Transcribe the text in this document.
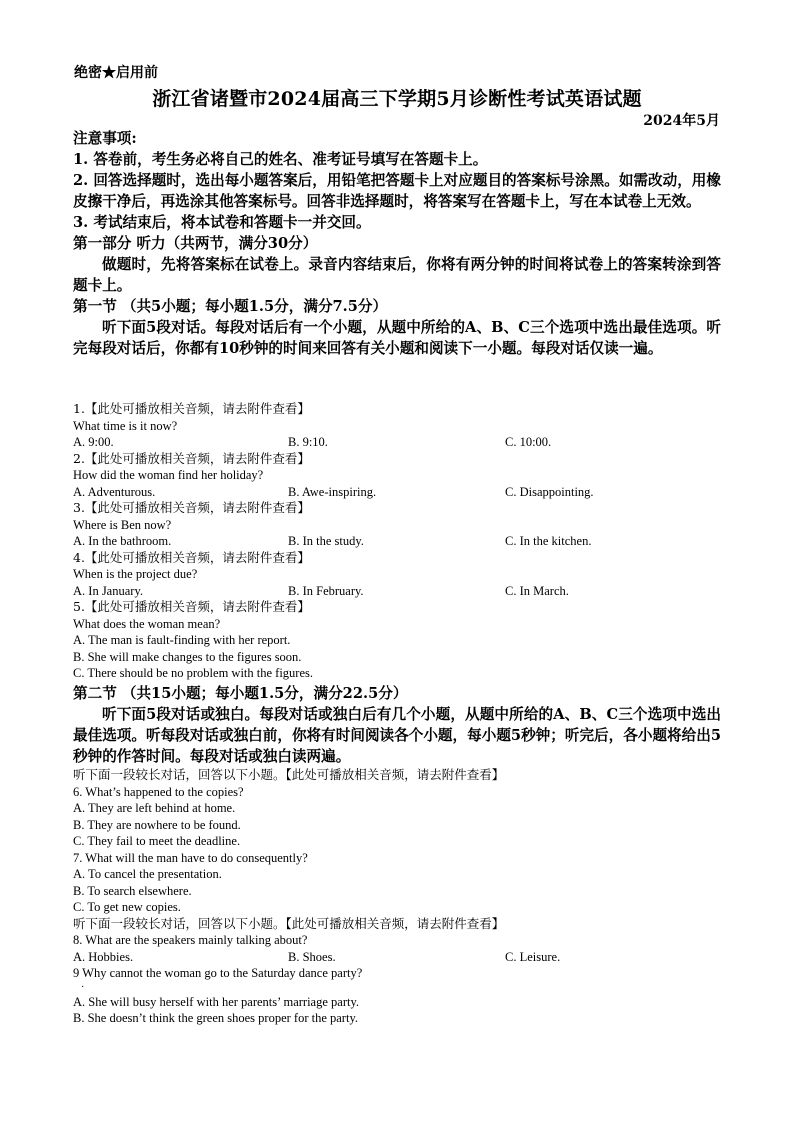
绝密★启用前
浙江省诸暨市2024届高三下学期5月诊断性考试英语试题
2024年5月
注意事项:
1. 答卷前，考生务必将自己的姓名、准考证号填写在答题卡上。
2. 回答选择题时，选出每小题答案后，用铅笔把答题卡上对应题目的答案标号涂黑。如需改动，用橡皮擦干净后，再选涂其他答案标号。回答非选择题时，将答案写在答题卡上，写在本试卷上无效。
3. 考试结束后，将本试卷和答题卡一并交回。
第一部分 听力（共两节，满分30分）
做题时，先将答案标在试卷上。录音内容结束后，你将有两分钟的时间将试卷上的答案转涂到答题卡上。
第一节 （共5小题；每小题1.5分，满分7.5分）
听下面5段对话。每段对话后有一个小题，从题中所给的A、B、C三个选项中选出最佳选项。听完每段对话后，你都有10秒钟的时间来回答有关小题和阅读下一小题。每段对话仅读一遍。
1.【此处可播放相关音频，请去附件查看】
What time is it now?
A. 9:00.	B. 9:10.	C. 10:00.
2.【此处可播放相关音频，请去附件查看】
How did the woman find her holiday?
A. Adventurous.	B. Awe-inspiring.	C. Disappointing.
3.【此处可播放相关音频，请去附件查看】
Where is Ben now?
A. In the bathroom.	B. In the study.	C. In the kitchen.
4.【此处可播放相关音频，请去附件查看】
When is the project due?
A. In January.	B. In February.	C. In March.
5.【此处可播放相关音频，请去附件查看】
What does the woman mean?
A. The man is fault-finding with her report.
B. She will make changes to the figures soon.
C. There should be no problem with the figures.
第二节 （共15小题；每小题1.5分，满分22.5分）
听下面5段对话或独白。每段对话或独白后有几个小题，从题中所给的A、B、C三个选项中选出最佳选项。听每段对话或独白前，你将有时间阅读各个小题，每小题5秒钟；听完后，各小题将给出5秒钟的作答时间。每段对话或独白读两遍。
听下面一段较长对话，回答以下小题。【此处可播放相关音频，请去附件查看】
6. What’s happened to the copies?
A. They are left behind at home.
B. They are nowhere to be found.
C. They fail to meet the deadline.
7. What will the man have to do consequently?
A. To cancel the presentation.
B. To search elsewhere.
C. To get new copies.
听下面一段较长对话，回答以下小题。【此处可播放相关音频，请去附件查看】
8. What are the speakers mainly talking about?
A. Hobbies.	B. Shoes.	C. Leisure.
9 Why cannot the woman go to the Saturday dance party?
·
A. She will busy herself with her parents’ marriage party.
B. She doesn’t think the green shoes proper for the party.
